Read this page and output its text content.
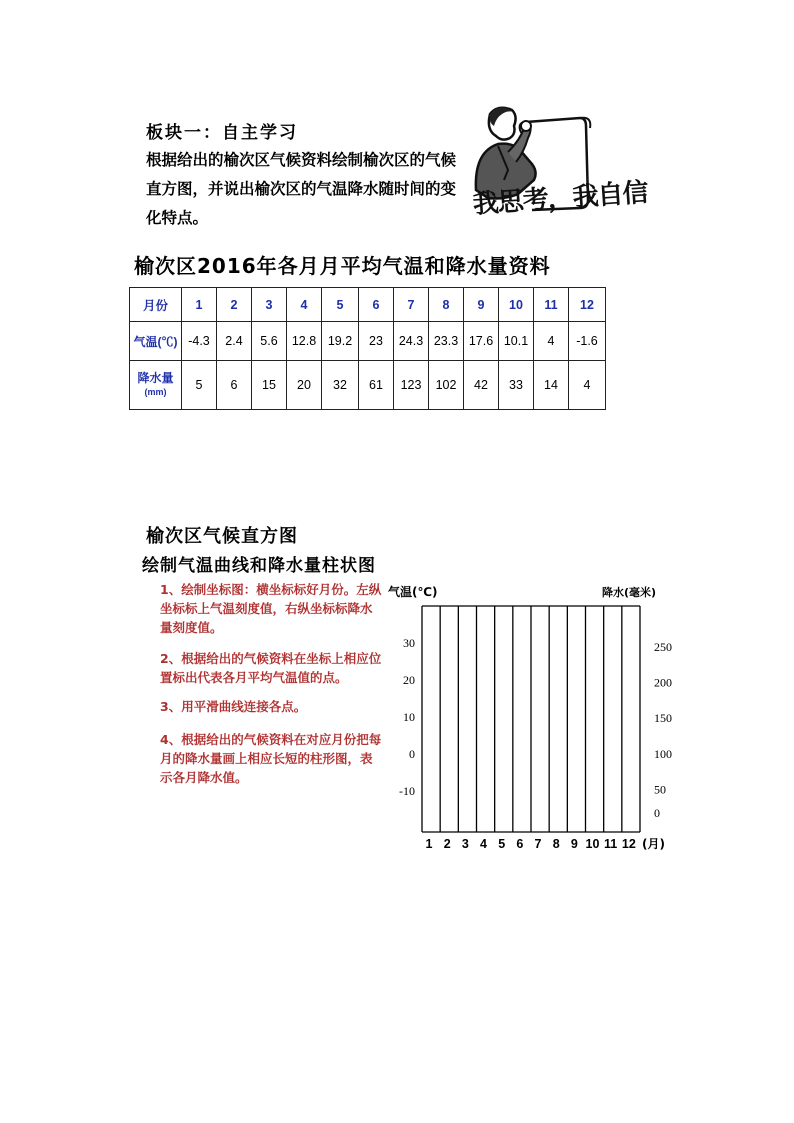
板块一：自主学习
根据给出的榆次区气候资料绘制榆次区的气候直方图，并说出榆次区的气温降水随时间的变化特点。	我思考，我自信
榆次区2016年各月月平均气温和降水量资料
月份	1	2	3	4	5	6	7	8	9	10	11	12
气温(℃)	-4.3	2.4	5.6	12.8	19.2	23	24.3	23.3	17.6	10.1	4	-1.6
降水量
(mm)	5	6	15	20	32	61	123	102	42	33	14	4
榆次区气候直方图
绘制气温曲线和降水量柱状图
1、绘制坐标图：横坐标标好月份。左纵坐标标上气温刻度值，右纵坐标标降水量刻度值。
2、根据给出的气候资料在坐标上相应位置标出代表各月平均气温值的点。
3、用平滑曲线连接各点。
4、根据给出的气候资料在对应月份把每月的降水量画上相应长短的柱形图，表示各月降水值。
气温(℃)	降水(毫米)
30
20
10
0
-10
250
200
150
100
50
0
1 2 3 4 5 6 7 8 9 10 11 12 (月)
